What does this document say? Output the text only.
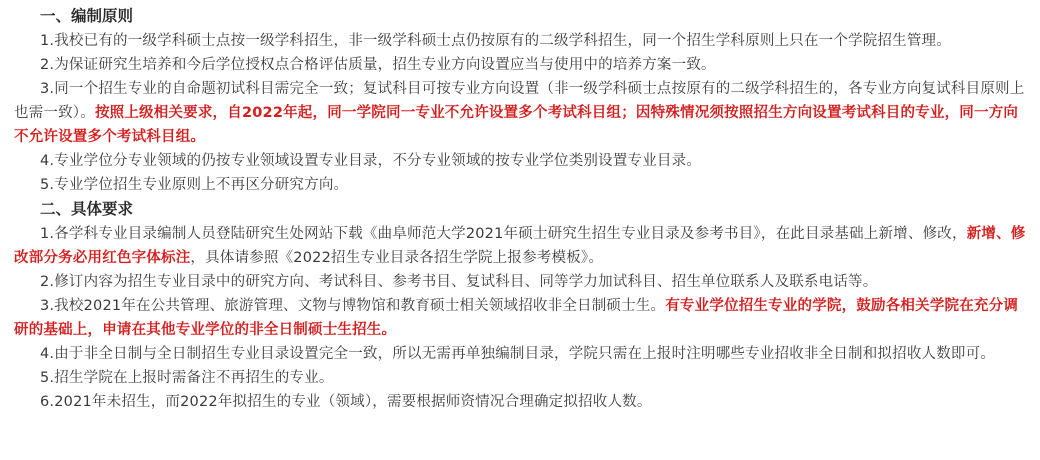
一、编制原则
1.我校已有的一级学科硕士点按一级学科招生，非一级学科硕士点仍按原有的二级学科招生，同一个招生学科原则上只在一个学院招生管理。
2.为保证研究生培养和今后学位授权点合格评估质量，招生专业方向设置应当与使用中的培养方案一致。
3.同一个招生专业的自命题初试科目需完全一致；复试科目可按专业方向设置（非一级学科硕士点按原有的二级学科招生的，各专业方向复试科目原则上也需一致）。按照上级相关要求，自2022年起，同一学院同一专业不允许设置多个考试科目组；因特殊情况须按照招生方向设置考试科目的专业，同一方向不允许设置多个考试科目组。
4.专业学位分专业领域的仍按专业领域设置专业目录，不分专业领域的按专业学位类别设置专业目录。
5.专业学位招生专业原则上不再区分研究方向。
二、具体要求
1.各学科专业目录编制人员登陆研究生处网站下载《曲阜师范大学2021年硕士研究生招生专业目录及参考书目》，在此目录基础上新增、修改，新增、修改部分务必用红色字体标注，具体请参照《2022招生专业目录各招生学院上报参考模板》。
2.修订内容为招生专业目录中的研究方向、考试科目、参考书目、复试科目、同等学力加试科目、招生单位联系人及联系电话等。
3.我校2021年在公共管理、旅游管理、文物与博物馆和教育硕士相关领域招收非全日制硕士生。有专业学位招生专业的学院，鼓励各相关学院在充分调研的基础上，申请在其他专业学位的非全日制硕士生招生。
4.由于非全日制与全日制招生专业目录设置完全一致，所以无需再单独编制目录，学院只需在上报时注明哪些专业招收非全日制和拟招收人数即可。
5.招生学院在上报时需备注不再招生的专业。
6.2021年未招生，而2022年拟招生的专业（领域），需要根据师资情况合理确定拟招收人数。
